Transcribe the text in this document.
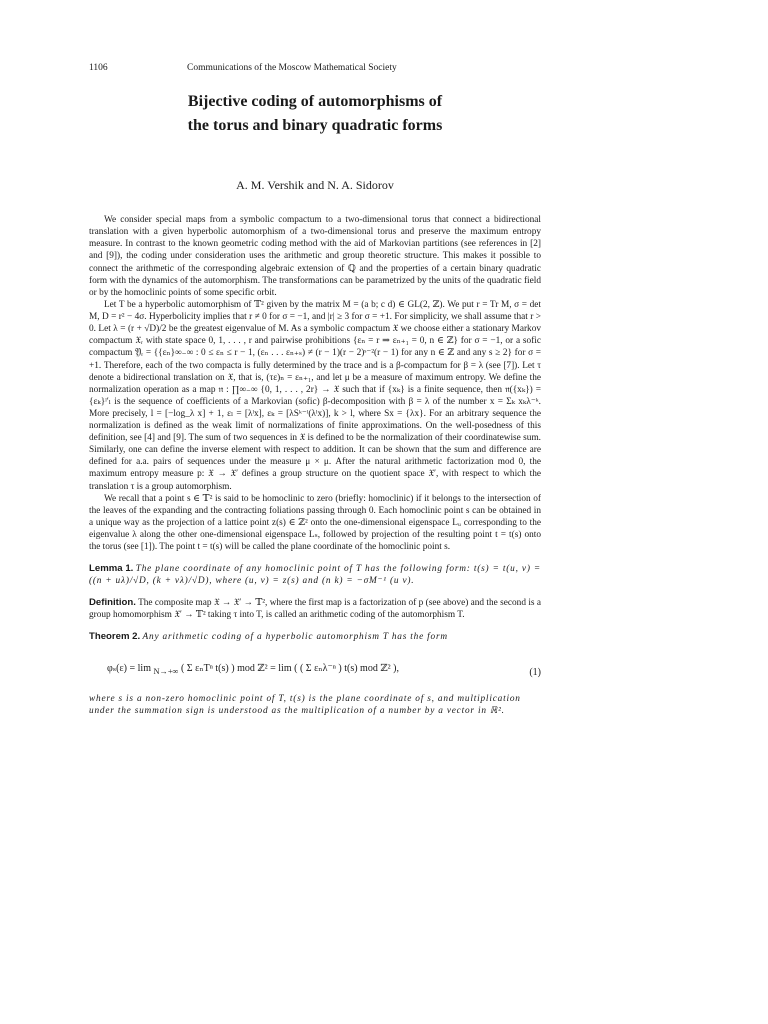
1106	Communications of the Moscow Mathematical Society
Bijective coding of automorphisms of
the torus and binary quadratic forms
A. M. Vershik and N. A. Sidorov

We consider special maps from a symbolic compactum to a two-dimensional torus that connect a bidirectional translation with a given hyperbolic automorphism of a two-dimensional torus and preserve the maximum entropy measure. In contrast to the known geometric coding method with the aid of Markovian partitions (see references in [2] and [9]), the coding under consideration uses the arithmetic and group theoretic structure. This makes it possible to connect the arithmetic of the corresponding algebraic extension of ℚ and the properties of a certain binary quadratic form with the dynamics of the automorphism. The transformations can be parametrized by the units of the quadratic field or by the homoclinic points of some specific orbit.

Let T be a hyperbolic automorphism of 𝕋² given by the matrix M = (a b; c d) ∈ GL(2, ℤ). We put r = Tr M, σ = det M, D = r² − 4σ. Hyperbolicity implies that r ≠ 0 for σ = −1, and |r| ≥ 3 for σ = +1. For simplicity, we shall assume that r > 0. Let λ = (r + √D)/2 be the greatest eigenvalue of M. As a symbolic compactum 𝔛 we choose either a stationary Markov compactum 𝔛ᵣ with state space 0, 1, . . . , r and pairwise prohibitions {εₙ = r ⇒ εₙ₊₁ = 0, n ∈ ℤ} for σ = −1, or a sofic compactum 𝔜ᵣ = {{εₙ}∞₋∞ : 0 ≤ εₙ ≤ r − 1, (εₙ . . . εₙ₊ₛ) ≠ (r − 1)(r − 2)ˢ⁻²(r − 1) for any n ∈ ℤ and any s ≥ 2} for σ = +1. Therefore, each of the two compacta is fully determined by the trace and is a β-compactum for β = λ (see [7]). Let τ denote a bidirectional translation on 𝔛, that is, (τε)ₙ = εₙ₊₁, and let μ be a measure of maximum entropy. We define the normalization operation as a map 𝔫 : ∏∞₋∞ {0, 1, . . . , 2r} → 𝔛 such that if {xₖ} is a finite sequence, then 𝔫({xₖ}) = {εₖ}ˡ′ₗ is the sequence of coefficients of a Markovian (sofic) β-decomposition with β = λ of the number x = Σₖ xₖλ⁻ᵏ. More precisely, l = [−log_λ x] + 1, εₗ = [λˡx], εₖ = [λSᵏ⁻ˡ(λˡx)], k > l, where Sx = {λx}. For an arbitrary sequence the normalization is defined as the weak limit of normalizations of finite approximations. On the well-posedness of this definition, see [4] and [9]. The sum of two sequences in 𝔛 is defined to be the normalization of their coordinatewise sum. Similarly, one can define the inverse element with respect to addition. It can be shown that the sum and difference are defined for a.a. pairs of sequences under the measure μ × μ. After the natural arithmetic factorization mod 0, the maximum entropy measure p: 𝔛 → 𝔛′ defines a group structure on the quotient space 𝔛′, with respect to which the translation τ is a group automorphism.

We recall that a point s ∈ 𝕋² is said to be homoclinic to zero (briefly: homoclinic) if it belongs to the intersection of the leaves of the expanding and the contracting foliations passing through 0. Each homoclinic point s can be obtained in a unique way as the projection of a lattice point z(s) ∈ ℤ² onto the one-dimensional eigenspace Lᵤ corresponding to the eigenvalue λ along the other one-dimensional eigenspace Lₛ, followed by projection of the resulting point t = t(s) onto the torus (see [1]). The point t = t(s) will be called the plane coordinate of the homoclinic point s.

Lemma 1. The plane coordinate of any homoclinic point of T has the following form: t(s) = t(u, v) = ((n + uλ)/√D, (k + vλ)/√D), where (u, v) = z(s) and (n k) = −σM⁻¹ (u v).
Definition. The composite map 𝔛 → 𝔛′ → 𝕋², where the first map is a factorization of p (see above) and the second is a group homomorphism 𝔛′ → 𝕋² taking τ into T, is called an arithmetic coding of the automorphism T.
Theorem 2. Any arithmetic coding of a hyperbolic automorphism T has the form
φₛ(ε) = lim $_{N\to+\infty}$ ( Σ εₙTⁿ t(s) ) mod ℤ² = lim ( ( Σ εₙλ⁻ⁿ ) t(s) mod ℤ² ),	(1)
where s is a non-zero homoclinic point of T, t(s) is the plane coordinate of s, and multiplication under the summation sign is understood as the multiplication of a number by a vector in ℝ².
